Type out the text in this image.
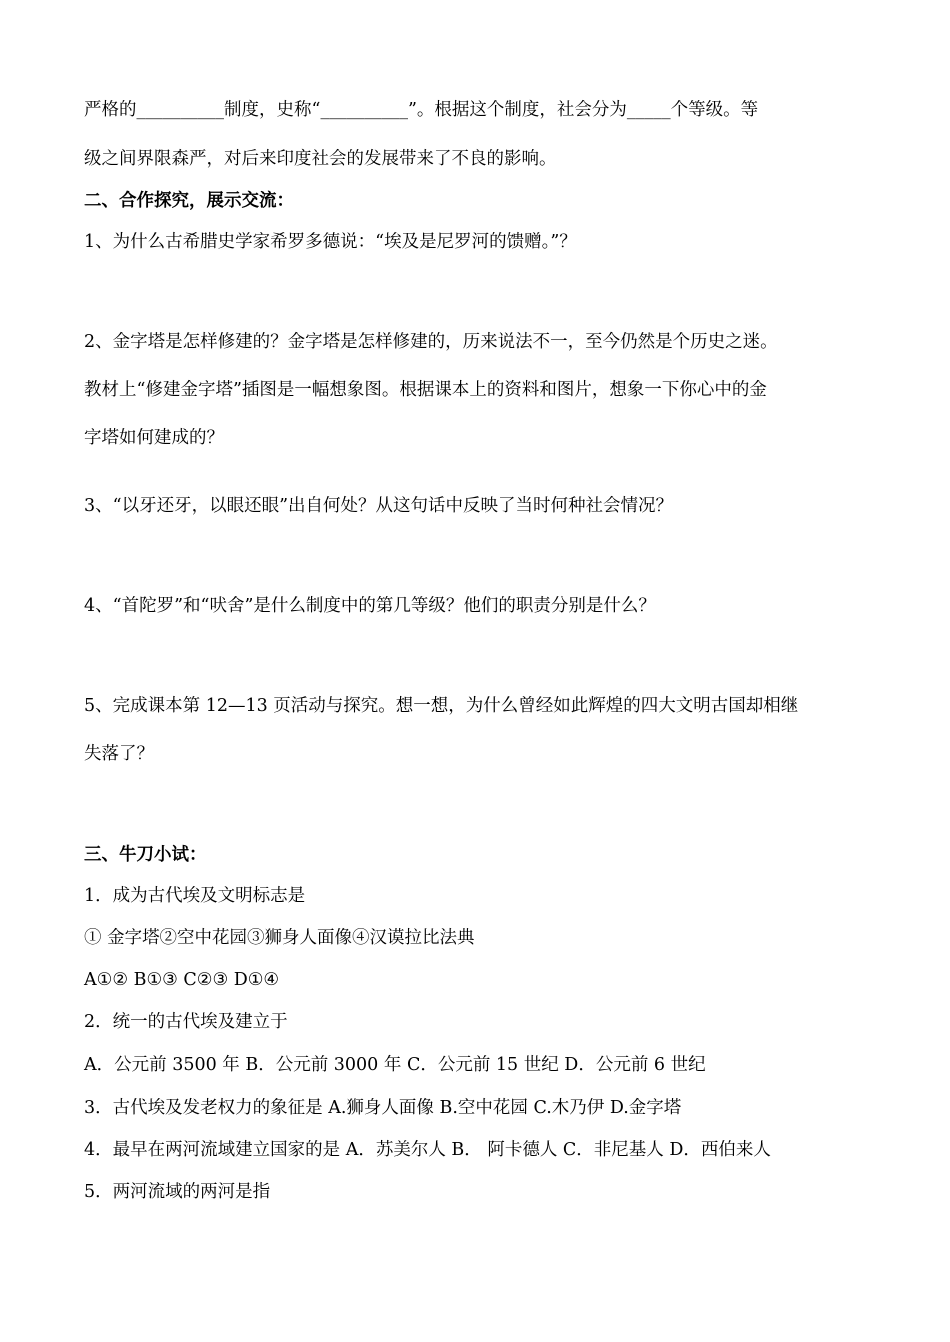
严格的__________制度，史称“__________”。根据这个制度，社会分为_____个等级。等
级之间界限森严，对后来印度社会的发展带来了不良的影响。
二、合作探究，展示交流：
1、为什么古希腊史学家希罗多德说：“埃及是尼罗河的馈赠。”？
2、金字塔是怎样修建的？金字塔是怎样修建的，历来说法不一，至今仍然是个历史之迷。
教材上“修建金字塔”插图是一幅想象图。根据课本上的资料和图片，想象一下你心中的金
字塔如何建成的？
3、“以牙还牙，以眼还眼”出自何处？从这句话中反映了当时何种社会情况？
4、“首陀罗”和“吠舍”是什么制度中的第几等级？他们的职责分别是什么？
5、完成课本第 12—13 页活动与探究。想一想，为什么曾经如此辉煌的四大文明古国却相继
失落了？
三、牛刀小试：
1．成为古代埃及文明标志是
① 金字塔②空中花园③狮身人面像④汉谟拉比法典
A①② B①③ C②③ D①④
2．统一的古代埃及建立于
A．公元前 3500 年 B．公元前 3000 年 C．公元前 15 世纪 D．公元前 6 世纪
3．古代埃及发老权力的象征是 A.狮身人面像 B.空中花园 C.木乃伊 D.金字塔
4．最早在两河流域建立国家的是 A．苏美尔人 B． 阿卡德人 C．非尼基人 D．西伯来人
5．两河流域的两河是指
